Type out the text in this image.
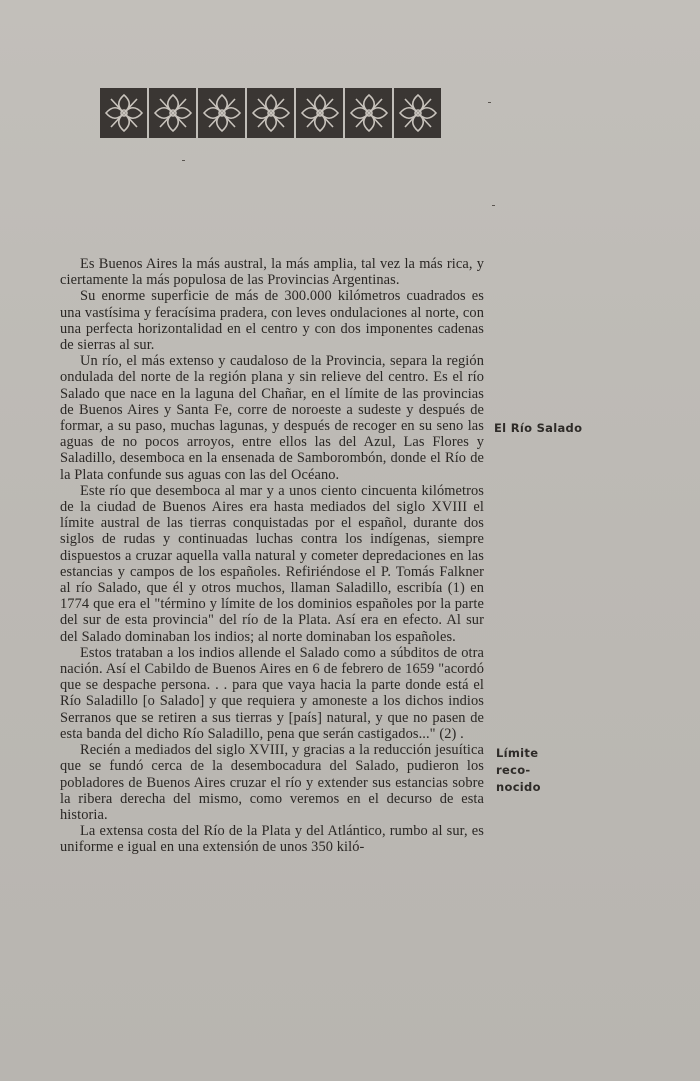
Es Buenos Aires la más austral, la más amplia, tal vez la más rica, y ciertamente la más populosa de las Provincias Argentinas.

Su enorme superficie de más de 300.000 kilómetros cuadrados es una vastísima y feracísima pradera, con leves ondulaciones al norte, con una perfecta horizontalidad en el centro y con dos imponentes cadenas de sierras al sur.

Un río, el más extenso y caudaloso de la Provincia, separa la región ondulada del norte de la región plana y sin relieve del centro. Es el río Salado que nace en la laguna del Chañar, en el límite de las provincias de Buenos Aires y Santa Fe, corre de noroeste a sudeste y después de formar, a su paso, muchas lagunas, y después de recoger en su seno las aguas de no pocos arroyos, entre ellos las del Azul, Las Flores y Saladillo, desemboca en la ensenada de Samborombón, donde el Río de la Plata confunde sus aguas con las del Océano.

Este río que desemboca al mar y a unos ciento cincuenta kilómetros de la ciudad de Buenos Aires era hasta mediados del siglo XVIII el límite austral de las tierras conquistadas por el español, durante dos siglos de rudas y continuadas luchas contra los indígenas, siempre dispuestos a cruzar aquella valla natural y cometer depredaciones en las estancias y campos de los españoles. Refiriéndose el P. Tomás Falkner al río Salado, que él y otros muchos, llaman Saladillo, escribía (1) en 1774 que era el "término y límite de los dominios españoles por la parte del sur de esta provincia" del río de la Plata. Así era en efecto. Al sur del Salado dominaban los indios; al norte dominaban los españoles.

Estos trataban a los indios allende el Salado como a súbditos de otra nación. Así el Cabildo de Buenos Aires en 6 de febrero de 1659 "acordó que se despache persona. . . para que vaya hacia la parte donde está el Río Saladillo [o Salado] y que requiera y amoneste a los dichos indios Serranos que se retiren a sus tierras y [país] natural, y que no pasen de esta banda del dicho Río Saladillo, pena que serán castigados..." (2) .

Recién a mediados del siglo XVIII, y gracias a la reducción jesuítica que se fundó cerca de la desembocadura del Salado, pudieron los pobladores de Buenos Aires cruzar el río y extender sus estancias sobre la ribera derecha del mismo, como veremos en el decurso de esta historia.

La extensa costa del Río de la Plata y del Atlántico, rumbo al sur, es uniforme e igual en una extensión de unos 350 kiló-

El Río Salado
Límite reco-
nocido
